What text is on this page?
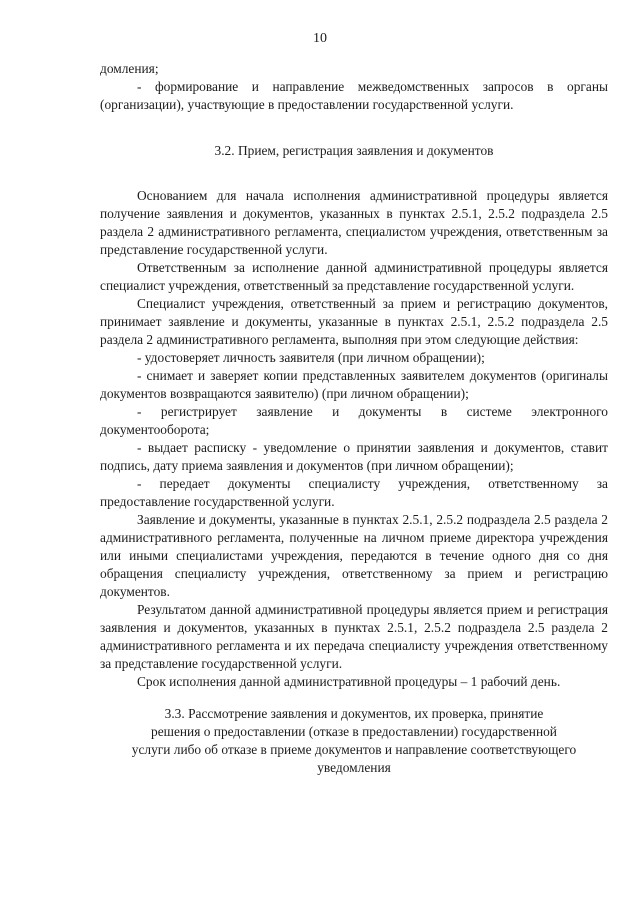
10

домления;

- формирование и направление межведомственных запросов в органы (организации), участвующие в предоставлении государственной услуги.

3.2. Прием, регистрация заявления и документов

Основанием для начала исполнения административной процедуры является получение заявления и документов, указанных в пунктах 2.5.1, 2.5.2 подраздела 2.5 раздела 2 административного регламента, специалистом учреждения, ответственным за представление государственной услуги.

Ответственным за исполнение данной административной процедуры является специалист учреждения, ответственный за представление государственной услуги.

Специалист учреждения, ответственный за прием и регистрацию документов, принимает заявление и документы, указанные в пунктах 2.5.1, 2.5.2 подраздела 2.5 раздела 2 административного регламента, выполняя при этом следующие действия:

- удостоверяет личность заявителя (при личном обращении);

- снимает и заверяет копии представленных заявителем документов (оригиналы документов возвращаются заявителю) (при личном обращении);

- регистрирует заявление и документы в системе электронного документооборота;

- выдает расписку - уведомление о принятии заявления и документов, ставит подпись, дату приема заявления и документов (при личном обращении);

- передает документы специалисту учреждения, ответственному за предоставление государственной услуги.

Заявление и документы, указанные в пунктах 2.5.1, 2.5.2 подраздела 2.5 раздела 2 административного регламента, полученные на личном приеме директора учреждения или иными специалистами учреждения, передаются в течение одного дня со дня обращения специалисту учреждения, ответственному за прием и регистрацию документов.

Результатом данной административной процедуры является прием и регистрация заявления и документов, указанных в пунктах 2.5.1, 2.5.2 подраздела 2.5 раздела 2 административного регламента и их передача специалисту учреждения ответственному за представление государственной услуги.

Срок исполнения данной административной процедуры – 1 рабочий день.

3.3. Рассмотрение заявления и документов, их проверка, принятие
решения о предоставлении (отказе в предоставлении) государственной
услуги либо об отказе в приеме документов и направление соответствующего
уведомления
